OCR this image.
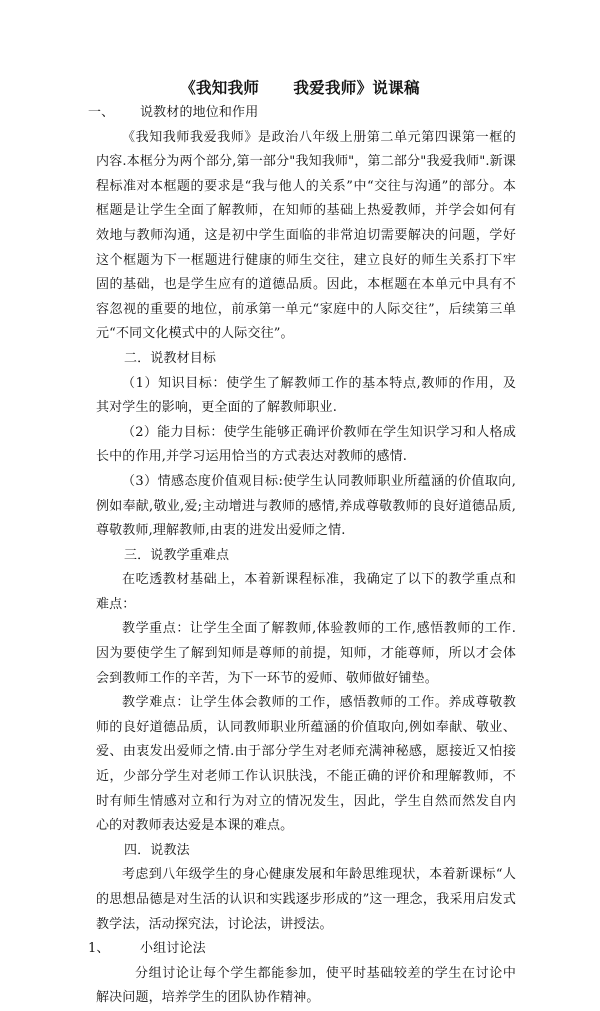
《我知我师      我爱我师》说课稿

一、	说教材的地位和作用

《我知我师我爱我师》是政治八年级上册第二单元第四课第一框的内容.本框分为两个部分,第一部分"我知我师"，第二部分"我爱我师".新课程标准对本框题的要求是“我与他人的关系”中“交往与沟通”的部分。本框题是让学生全面了解教师，在知师的基础上热爱教师，并学会如何有效地与教师沟通，这是初中学生面临的非常迫切需要解决的问题，学好这个框题为下一框题进行健康的师生交往，建立良好的师生关系打下牢固的基础，也是学生应有的道德品质。因此，本框题在本单元中具有不容忽视的重要的地位，前承第一单元“家庭中的人际交往”，后续第三单元“不同文化模式中的人际交往”。

二．说教材目标

（1）知识目标：使学生了解教师工作的基本特点,教师的作用，及其对学生的影响，更全面的了解教师职业.

（2）能力目标：使学生能够正确评价教师在学生知识学习和人格成长中的作用,并学习运用恰当的方式表达对教师的感情.

（3）情感态度价值观目标:使学生认同教师职业所蕴涵的价值取向,例如奉献,敬业,爱;主动增进与教师的感情,养成尊敬教师的良好道德品质,尊敬教师,理解教师,由衷的进发出爱师之情.

三．说教学重难点

在吃透教材基础上，本着新课程标准，我确定了以下的教学重点和难点：

教学重点：让学生全面了解教师,体验教师的工作,感悟教师的工作.因为要使学生了解到知师是尊师的前提，知师，才能尊师，所以才会体会到教师工作的辛苦，为下一环节的爱师、敬师做好铺垫。

教学难点：让学生体会教师的工作，感悟教师的工作。养成尊敬教师的良好道德品质，认同教师职业所蕴涵的价值取向,例如奉献、敬业、爱、由衷发出爱师之情.由于部分学生对老师充满神秘感，愿接近又怕接近，少部分学生对老师工作认识肤浅，不能正确的评价和理解教师，不时有师生情感对立和行为对立的情况发生，因此，学生自然而然发自内心的对教师表达爱是本课的难点。

四．说教法

考虑到八年级学生的身心健康发展和年龄思维现状，本着新课标“人的思想品德是对生活的认识和实践逐步形成的”这一理念，我采用启发式教学法，活动探究法，讨论法，讲授法。

1、	小组讨论法

分组讨论让每个学生都能参加，使平时基础较差的学生在讨论中解决问题，培养学生的团队协作精神。
